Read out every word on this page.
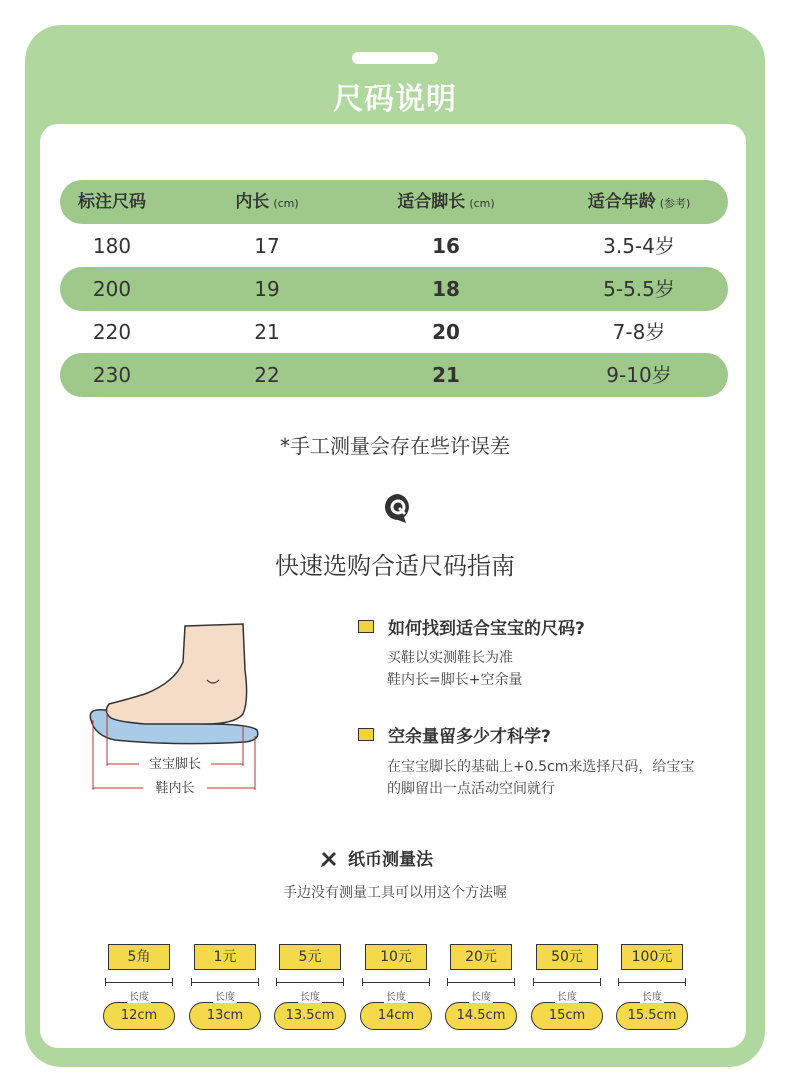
尺码说明
标注尺码	内长 (cm)	适合脚长 (cm)	适合年龄 (参考)
180	17	16	3.5-4岁
200	19	18	5-5.5岁
220	21	20	7-8岁
230	22	21	9-10岁
*手工测量会存在些许误差
快速选购合适尺码指南
宝宝脚长
鞋内长
如何找到适合宝宝的尺码?
买鞋以实测鞋长为准
鞋内长=脚长+空余量
空余量留多少才科学?
在宝宝脚长的基础上+0.5cm来选择尺码，给宝宝
的脚留出一点活动空间就行
纸币测量法
手边没有测量工具可以用这个方法喔
5角
长度
12cm
1元
长度
13cm
5元
长度
13.5cm
10元
长度
14cm
20元
长度
14.5cm
50元
长度
15cm
100元
长度
15.5cm
